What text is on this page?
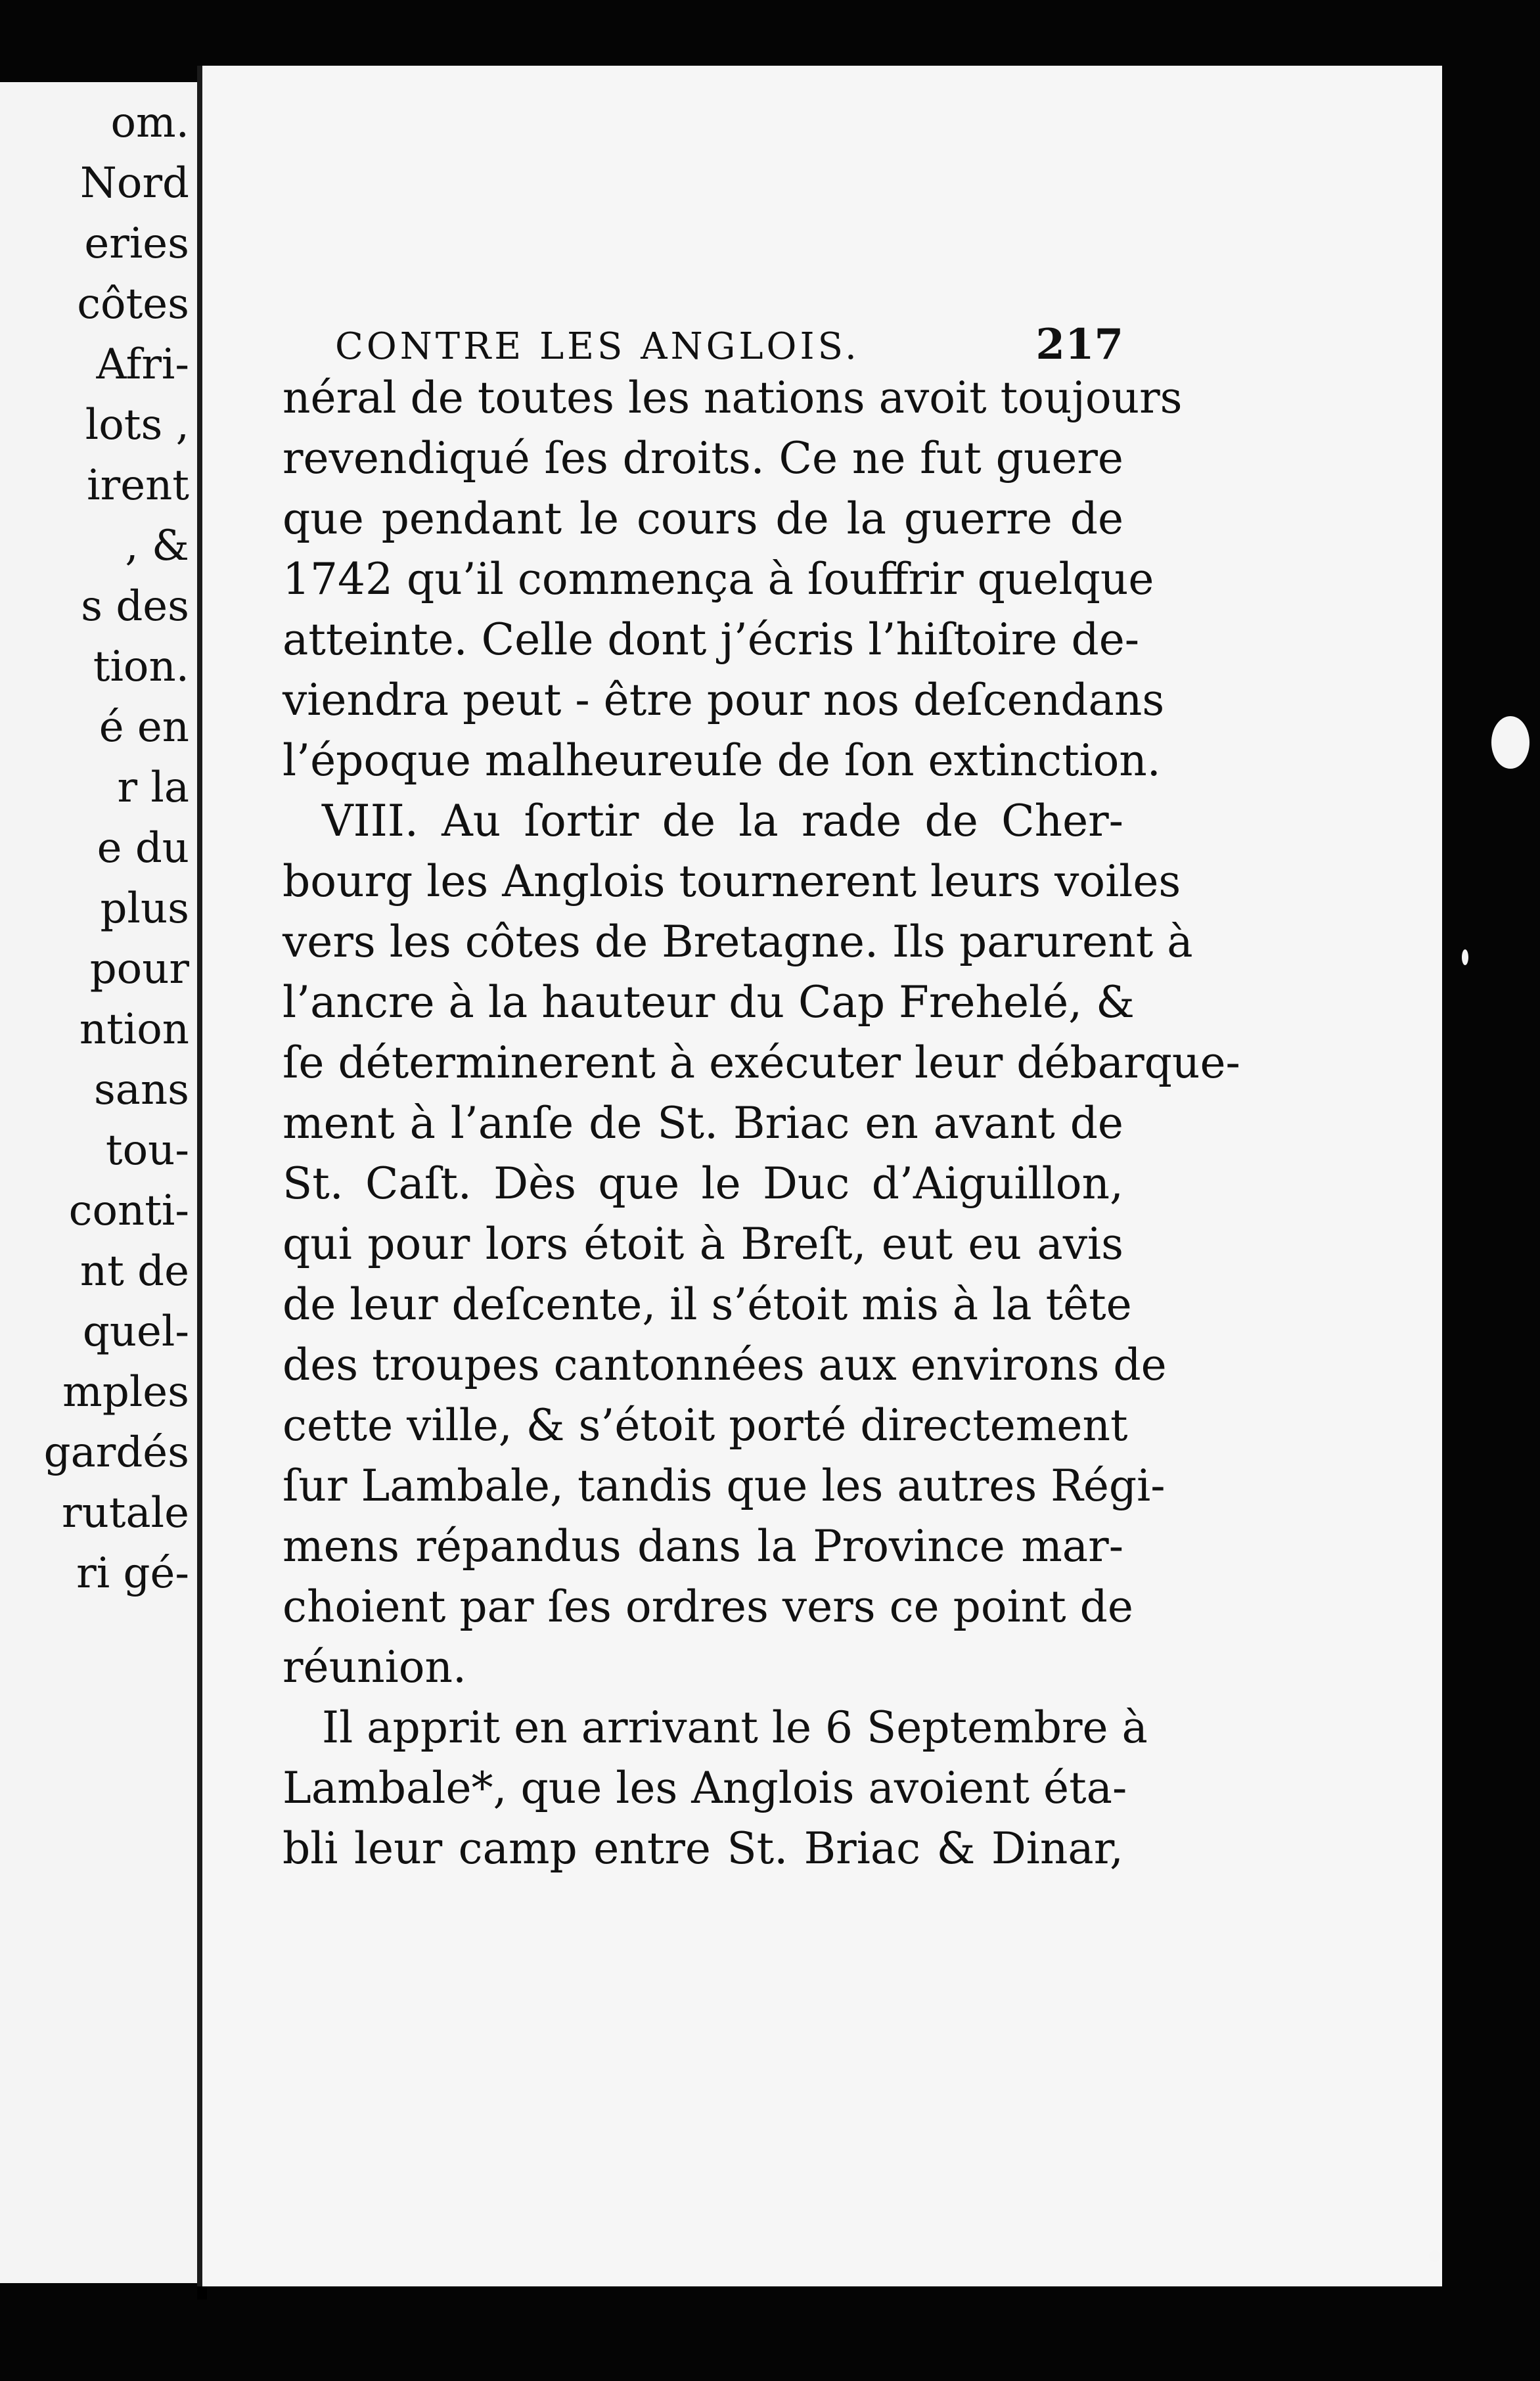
om.
Nord
eries
côtes
Afri-
lots ,
irent
, &
s des
tion.
é en
r la
e du
plus
pour
ntion
sans
tou-
conti-
nt de
quel-
mples
gardés
rutale
ri gé-
CONTRE LES ANGLOIS.	217
néral de toutes les nations avoit toujours
revendiqué ſes droits. Ce ne fut guere
que pendant le cours de la guerre de
1742 qu’il commença à ſouffrir quelque
atteinte. Celle dont j’écris l’hiſtoire de-
viendra peut - être pour nos deſcendans
l’époque malheureuſe de ſon extinction.
VIII. Au ſortir de la rade de Cher-
bourg les Anglois tournerent leurs voiles
vers les côtes de Bretagne. Ils parurent à
l’ancre à la hauteur du Cap Frehelé, &
ſe déterminerent à exécuter leur débarque-
ment à l’anſe de St. Briac en avant de
St. Caſt. Dès que le Duc d’Aiguillon,
qui pour lors étoit à Breſt, eut eu avis
de leur deſcente, il s’étoit mis à la tête
des troupes cantonnées aux environs de
cette ville, & s’étoit porté directement
ſur Lambale, tandis que les autres Régi-
mens répandus dans la Province mar-
choient par ſes ordres vers ce point de
réunion.
Il apprit en arrivant le 6 Septembre à
Lambale*, que les Anglois avoient éta-
bli leur camp entre St. Briac & Dinar,
